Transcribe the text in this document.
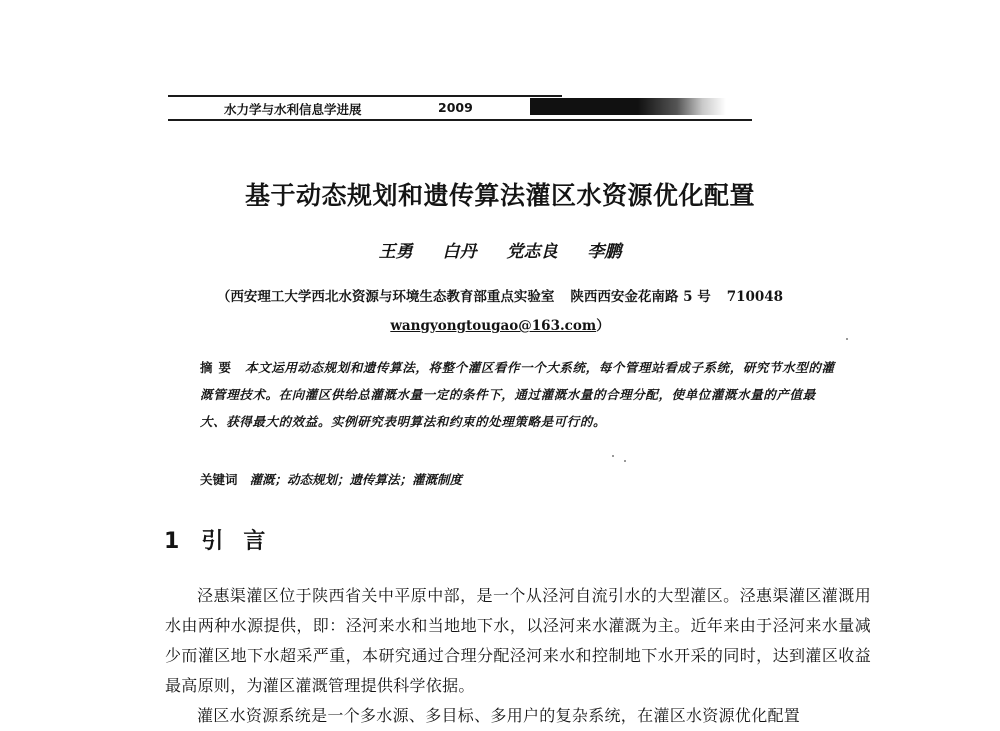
水力学与水利信息学进展	2009
基于动态规划和遗传算法灌区水资源优化配置
王勇 白丹 党志良 李鹏
（西安理工大学西北水资源与环境生态教育部重点实验室 陕西西安金花南路 5 号 710048
wangyongtougao@163.com）
摘要 本文运用动态规划和遗传算法，将整个灌区看作一个大系统，每个管理站看成子系统，研究节水型的灌溉管理技术。在向灌区供给总灌溉水量一定的条件下，通过灌溉水量的合理分配，使单位灌溉水量的产值最大、获得最大的效益。实例研究表明算法和约束的处理策略是可行的。
关键词 灌溉；动态规划；遗传算法；灌溉制度
1 引言

泾惠渠灌区位于陕西省关中平原中部，是一个从泾河自流引水的大型灌区。泾惠渠灌区灌溉用水由两种水源提供，即：泾河来水和当地地下水，以泾河来水灌溉为主。近年来由于泾河来水量减少而灌区地下水超采严重，本研究通过合理分配泾河来水和控制地下水开采的同时，达到灌区收益最高原则，为灌区灌溉管理提供科学依据。

灌区水资源系统是一个多水源、多目标、多用户的复杂系统，在灌区水资源优化配置
